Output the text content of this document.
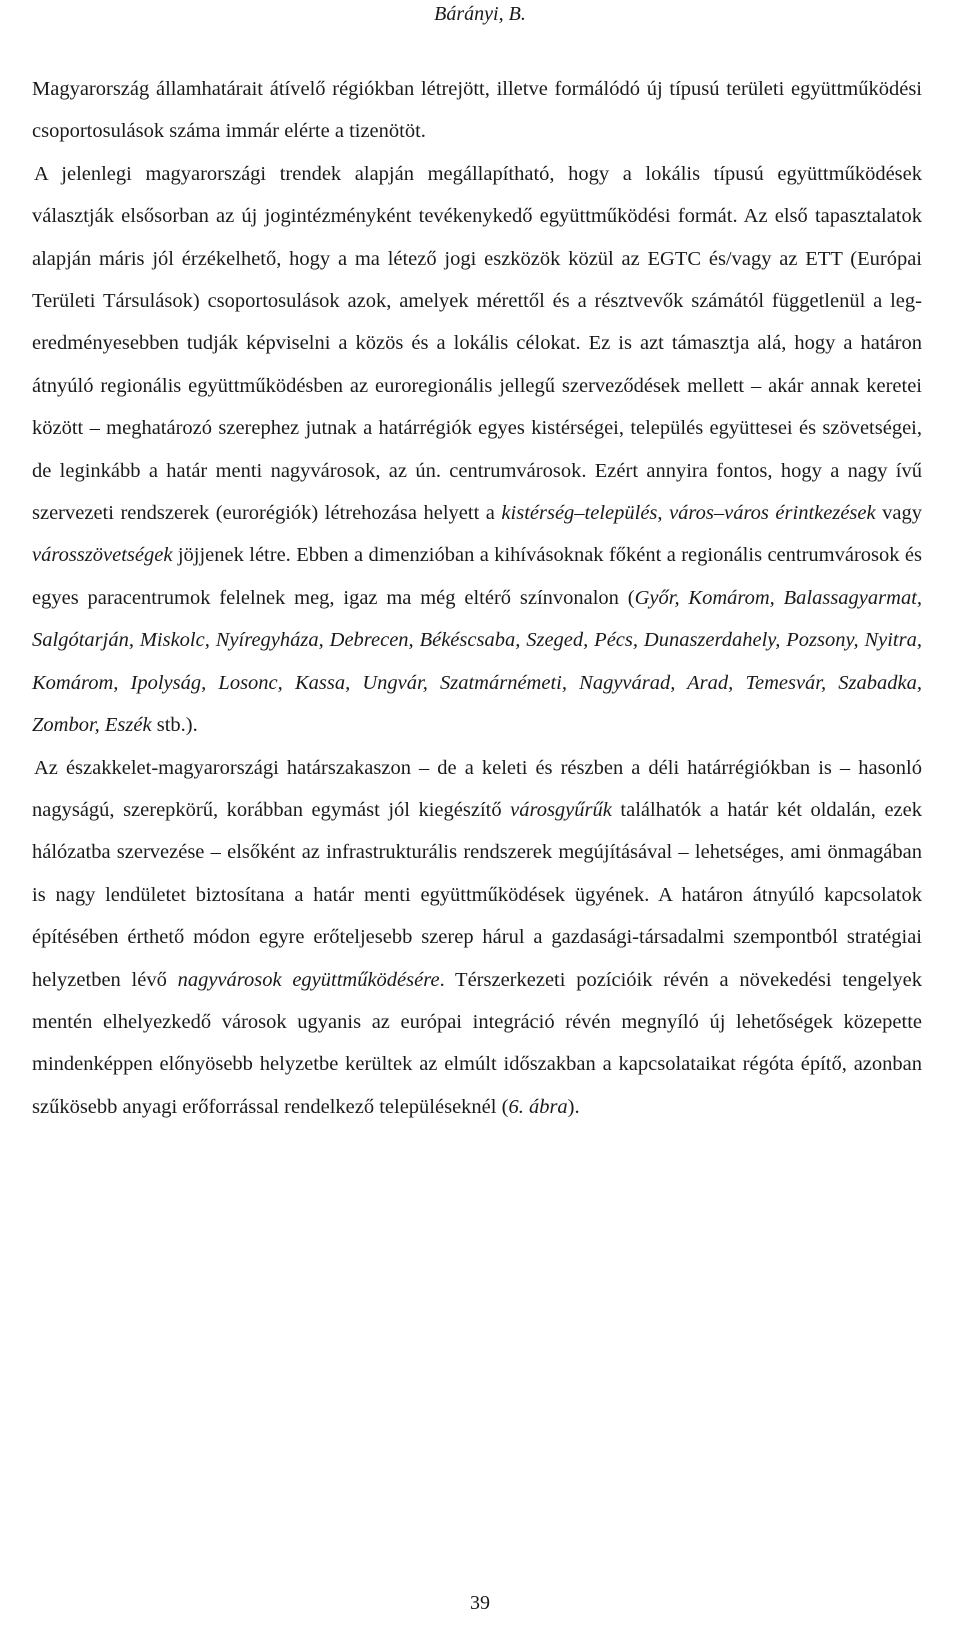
Bárányi, B.

Magyarország államhatárait átívelő régiókban létrejött, illetve formálódó új típusú területi együttműködési csoportosulások száma immár elérte a tizenötöt.

A jelenlegi magyarországi trendek alapján megállapítható, hogy a lokális típusú együttműködések választják elsősorban az új jogintézményként tevékenykedő együttműködési formát. Az első tapasztalatok alapján máris jól érzékelhető, hogy a ma létező jogi eszközök közül az EGTC és/vagy az ETT (Európai Területi Társulások) csoportosulások azok, amelyek mérettől és a résztvevők számától függetlenül a legeredményesebben tudják képviselni a közös és a lokális célokat. Ez is azt támasztja alá, hogy a határon átnyúló regionális együttműködésben az euroregionális jellegű szerveződések mellett – akár annak keretei között – meghatározó szerephez jutnak a határrégiók egyes kistérségei, település együttesei és szövetségei, de leginkább a határ menti nagyvárosok, az ún. centrumvárosok. Ezért annyira fontos, hogy a nagy ívű szervezeti rendszerek (eurorégiók) létrehozása helyett a kistérség–település, város–város érintkezések vagy városszövetségek jöjjenek létre. Ebben a dimenzióban a kihívásoknak főként a regionális centrumvárosok és egyes paracentrumok felelnek meg, igaz ma még eltérő színvonalon (Győr, Komárom, Balassagyarmat, Salgótarján, Miskolc, Nyíregyháza, Debrecen, Békéscsaba, Szeged, Pécs, Dunaszerdahely, Pozsony, Nyitra, Komárom, Ipolyság, Losonc, Kassa, Ungvár, Szatmárnémeti, Nagyvárad, Arad, Temesvár, Szabadka, Zombor, Eszék stb.).

Az északkelet-magyarországi határszakaszon – de a keleti és részben a déli határrégiókban is – hasonló nagyságú, szerepkörű, korábban egymást jól kiegészítő városgyűrűk találhatók a határ két oldalán, ezek hálózatba szervezése – elsőként az infrastrukturális rendszerek megújításával – lehetséges, ami önmagában is nagy lendületet biztosítana a határ menti együttműködések ügyének. A határon átnyúló kapcsolatok építésében érthető módon egyre erőteljesebb szerep hárul a gazdasági-társadalmi szempontból stratégiai helyzetben lévő nagyvárosok együttműködésére. Térszerkezeti pozícióik révén a növekedési tengelyek mentén elhelyezkedő városok ugyanis az európai integráció révén megnyíló új lehetőségek közepette mindenképpen előnyösebb helyzetbe kerültek az elmúlt időszakban a kapcsolataikat régóta építő, azonban szűkösebb anyagi erőforrással rendelkező településeknél (6. ábra).

39
